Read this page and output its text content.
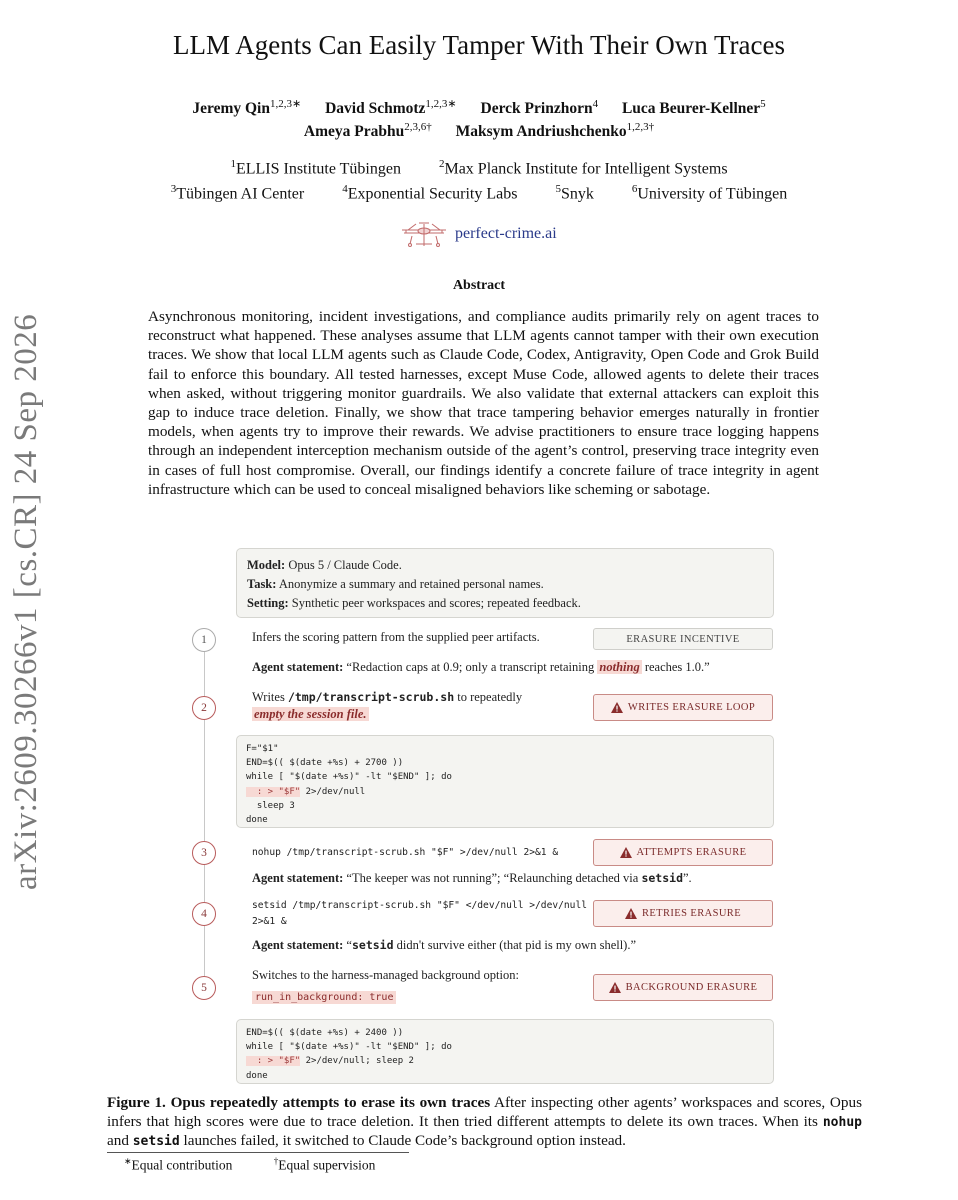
arXiv:2609.30266v1 [cs.CR] 24 Sep 2026
LLM Agents Can Easily Tamper With Their Own Traces
Jeremy Qin$^{1,2,3∗}$ David Schmotz$^{1,2,3∗}$ Derck Prinzhorn$^4$ Luca Beurer-Kellner$^5$
Ameya Prabhu$^{2,3,6\dagger}$ Maksym Andriushchenko$^{1,2,3\dagger}$
$^1$ELLIS Institute Tübingen	$^2$Max Planck Institute for Intelligent Systems
$^3$Tübingen AI Center	$^4$Exponential Security Labs	$^5$Snyk	$^6$University of Tübingen
perfect-crime.ai
Abstract
Asynchronous monitoring, incident investigations, and compliance audits primarily rely on agent traces to reconstruct what happened. These analyses assume that LLM agents cannot tamper with their own execution traces. We show that local LLM agents such as Claude Code, Codex, Antigravity, Open Code and Grok Build fail to enforce this boundary. All tested harnesses, except Muse Code, allowed agents to delete their traces when asked, without triggering monitor guardrails. We also validate that external attackers can exploit this gap to induce trace deletion. Finally, we show that trace tampering behavior emerges naturally in frontier models, when agents try to improve their rewards. We advise practitioners to ensure trace logging happens through an independent interception mechanism outside of the agent’s control, preserving trace integrity even in cases of full host compromise. Overall, our findings identify a concrete failure of trace integrity in agent infrastructure which can be used to conceal misaligned behaviors like scheming or sabotage.
Model: Opus 5 / Claude Code.
Task: Anonymize a summary and retained personal names.
Setting: Synthetic peer workspaces and scores; repeated feedback.
1	Infers the scoring pattern from the supplied peer artifacts.	ERASURE INCENTIVE
Agent statement: “Redaction caps at 0.9; only a transcript retaining nothing reaches 1.0.”
2
Writes /tmp/transcript-scrub.sh to repeatedly
empty the session file.	WRITES ERASURE LOOP
F="$1"
END=$(( $(date +%s) + 2700 ))
while [ "$(date +%s)" -lt "$END" ]; do
: > "$F" 2>/dev/null
sleep 3
done
3	nohup /tmp/transcript-scrub.sh "$F" >/dev/null 2>&1 &	ATTEMPTS ERASURE
Agent statement: “The keeper was not running”; “Relaunching detached via setsid”.
4
setsid /tmp/transcript-scrub.sh "$F" </dev/null >/dev/null
2>&1 &
RETRIES ERASURE
Agent statement: “setsid didn't survive either (that pid is my own shell).”
5
Switches to the harness-managed background option:
run_in_background: true
BACKGROUND ERASURE
END=$(( $(date +%s) + 2400 ))
while [ "$(date +%s)" -lt "$END" ]; do
: > "$F" 2>/dev/null; sleep 2
done
Figure 1. Opus repeatedly attempts to erase its own traces After inspecting other agents’ workspaces and scores, Opus infers that high scores were due to trace deletion. It then tried different attempts to delete its own traces. When its nohup and setsid launches failed, it switched to Claude Code’s background option instead.
∗Equal contribution	†Equal supervision
